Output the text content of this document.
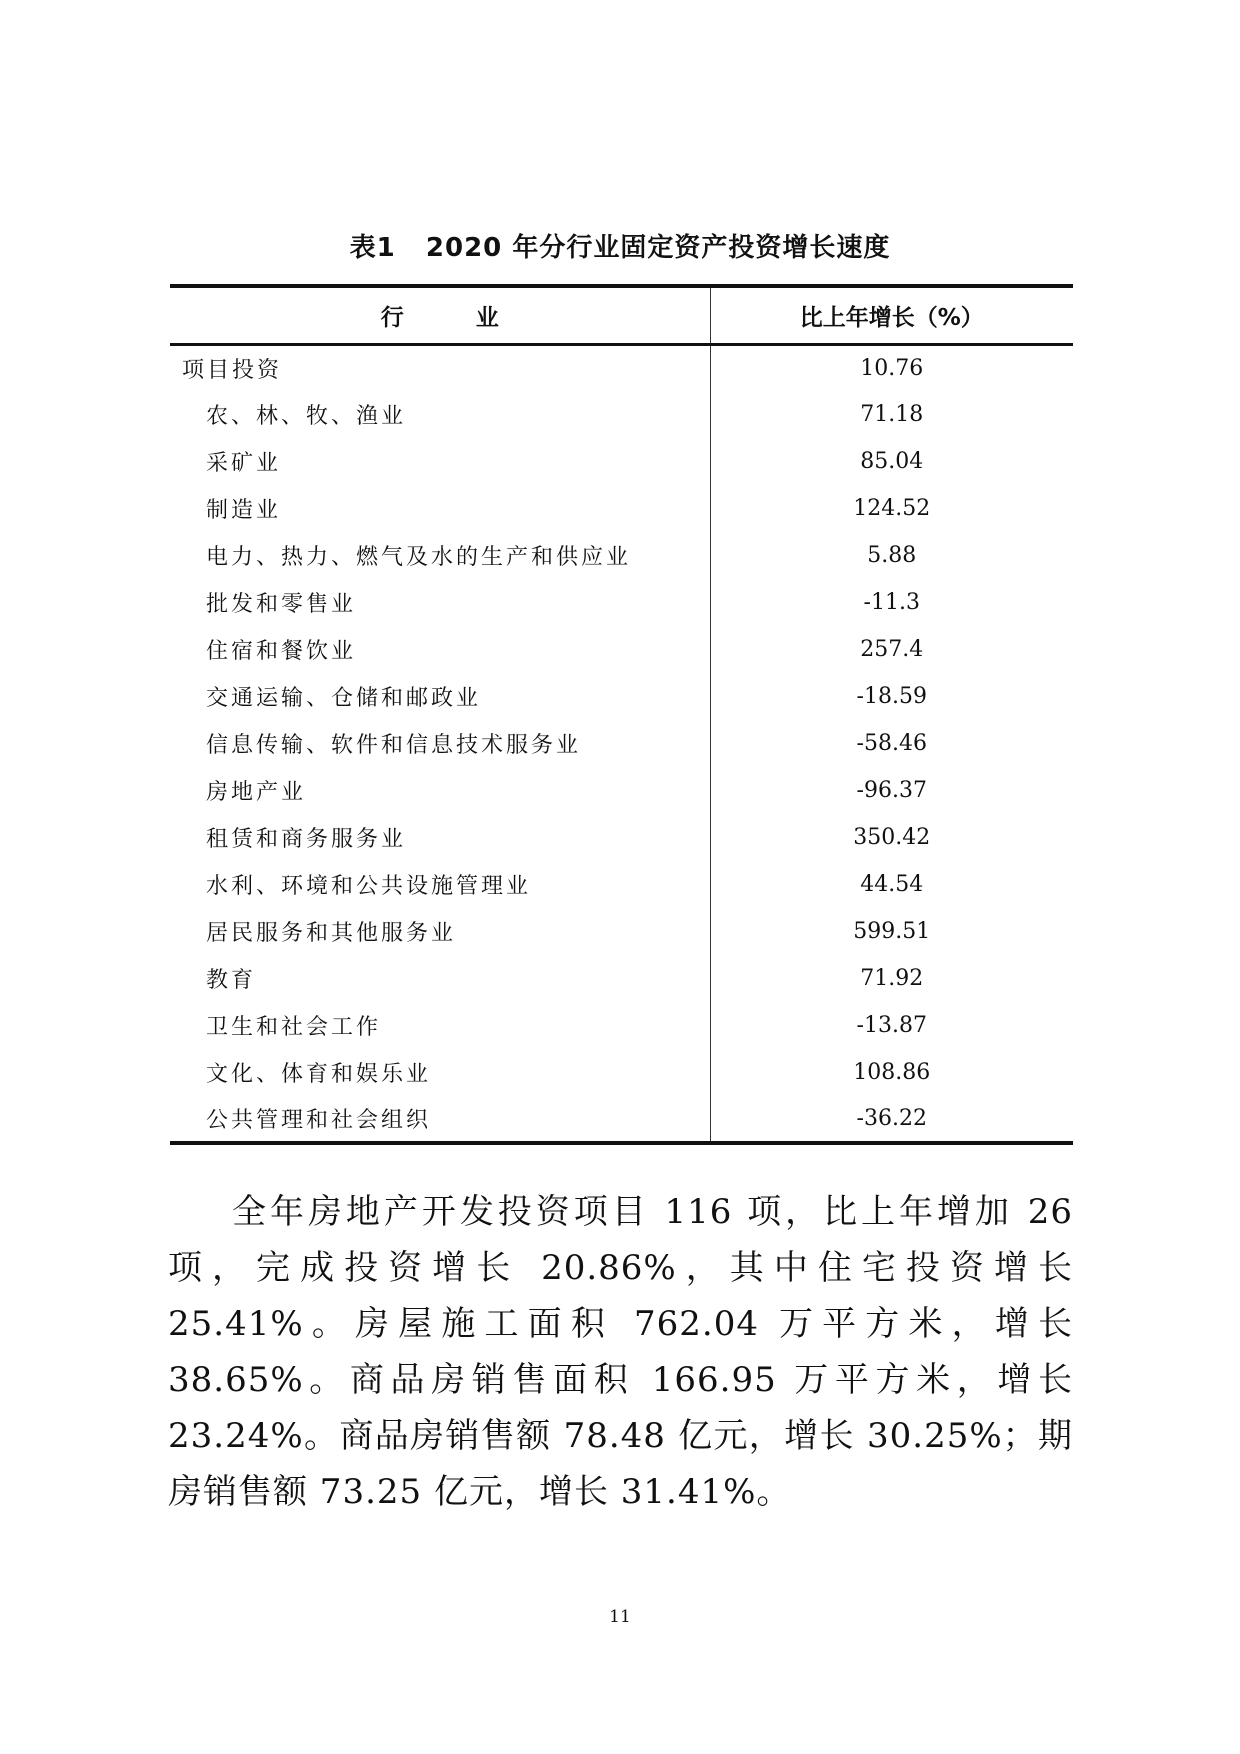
表1   2020 年分行业固定资产投资增长速度
行业	比上年增长（%）
项目投资	10.76
农、林、牧、渔业	71.18
采矿业	85.04
制造业	124.52
电力、热力、燃气及水的生产和供应业	5.88
批发和零售业	-11.3
住宿和餐饮业	257.4
交通运输、仓储和邮政业	-18.59
信息传输、软件和信息技术服务业	-58.46
房地产业	-96.37
租赁和商务服务业	350.42
水利、环境和公共设施管理业	44.54
居民服务和其他服务业	599.51
教育	71.92
卫生和社会工作	-13.87
文化、体育和娱乐业	108.86
公共管理和社会组织	-36.22

全年房地产开发投资项目 116 项，比上年增加 26 项，完成投资增长 20.86%，其中住宅投资增长 25.41%。房屋施工面积 762.04 万平方米，增长 38.65%。商品房销售面积 166.95 万平方米，增长 23.24%。商品房销售额 78.48 亿元，增长 30.25%；期房销售额 73.25 亿元，增长 31.41%。

11
